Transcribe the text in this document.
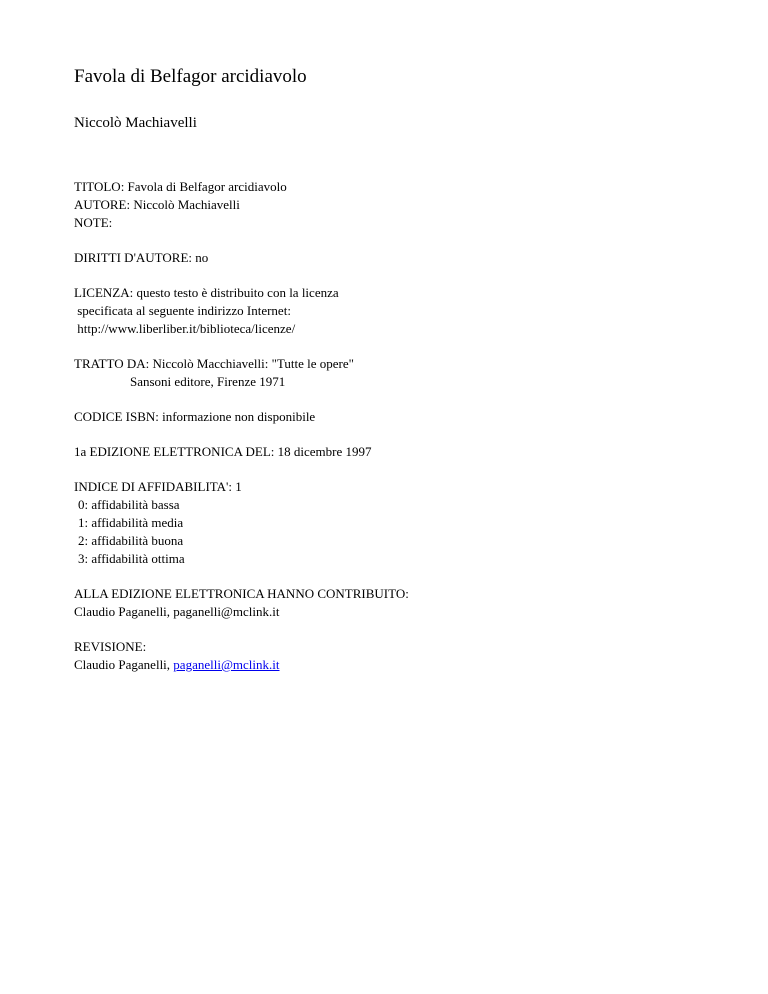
Favola di Belfagor arcidiavolo
Niccolò Machiavelli
TITOLO: Favola di Belfagor arcidiavolo
AUTORE: Niccolò Machiavelli
NOTE:
DIRITTI D'AUTORE: no
LICENZA: questo testo è distribuito con la licenza
specificata al seguente indirizzo Internet:
http://www.liberliber.it/biblioteca/licenze/
TRATTO DA: Niccolò Macchiavelli: "Tutte le opere"
Sansoni editore, Firenze 1971
CODICE ISBN: informazione non disponibile
1a EDIZIONE ELETTRONICA DEL: 18 dicembre 1997
INDICE DI AFFIDABILITA': 1
0: affidabilità bassa
1: affidabilità media
2: affidabilità buona
3: affidabilità ottima
ALLA EDIZIONE ELETTRONICA HANNO CONTRIBUITO:
Claudio Paganelli, paganelli@mclink.it
REVISIONE:
Claudio Paganelli, paganelli@mclink.it
